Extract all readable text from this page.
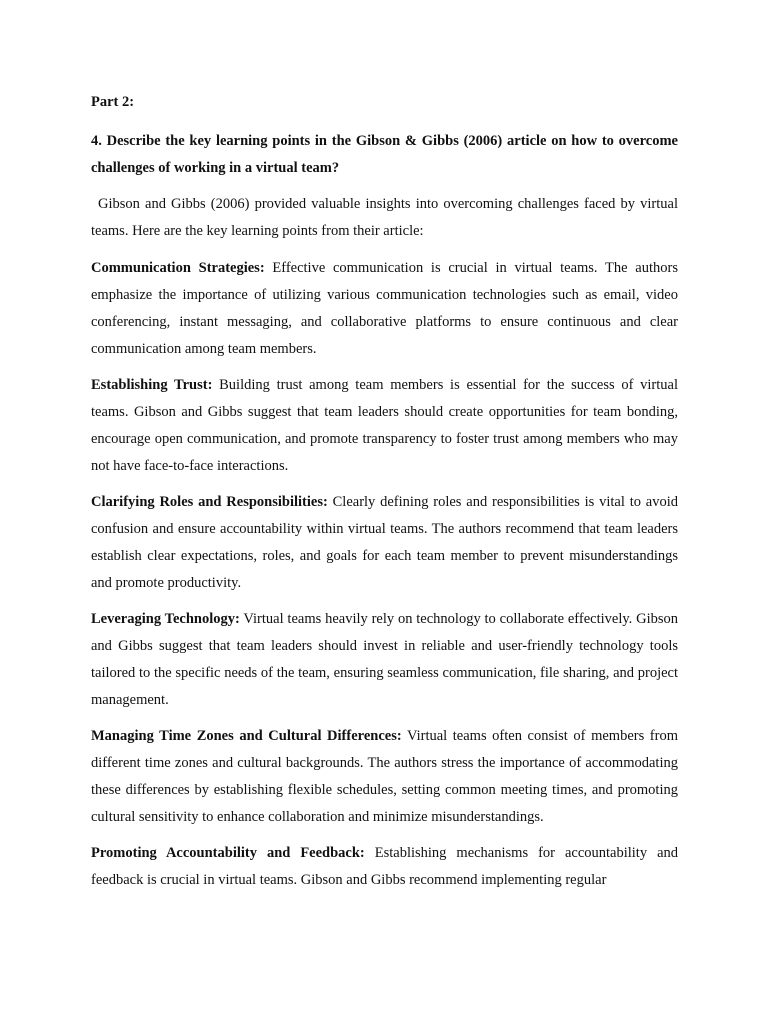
Part 2:

4. Describe the key learning points in the Gibson & Gibbs (2006) article on how to overcome challenges of working in a virtual team?

Gibson and Gibbs (2006) provided valuable insights into overcoming challenges faced by virtual teams. Here are the key learning points from their article:

Communication Strategies: Effective communication is crucial in virtual teams. The authors emphasize the importance of utilizing various communication technologies such as email, video conferencing, instant messaging, and collaborative platforms to ensure continuous and clear communication among team members.

Establishing Trust: Building trust among team members is essential for the success of virtual teams. Gibson and Gibbs suggest that team leaders should create opportunities for team bonding, encourage open communication, and promote transparency to foster trust among members who may not have face-to-face interactions.

Clarifying Roles and Responsibilities: Clearly defining roles and responsibilities is vital to avoid confusion and ensure accountability within virtual teams. The authors recommend that team leaders establish clear expectations, roles, and goals for each team member to prevent misunderstandings and promote productivity.

Leveraging Technology: Virtual teams heavily rely on technology to collaborate effectively. Gibson and Gibbs suggest that team leaders should invest in reliable and user-friendly technology tools tailored to the specific needs of the team, ensuring seamless communication, file sharing, and project management.

Managing Time Zones and Cultural Differences: Virtual teams often consist of members from different time zones and cultural backgrounds. The authors stress the importance of accommodating these differences by establishing flexible schedules, setting common meeting times, and promoting cultural sensitivity to enhance collaboration and minimize misunderstandings.

Promoting Accountability and Feedback: Establishing mechanisms for accountability and feedback is crucial in virtual teams. Gibson and Gibbs recommend implementing regular
